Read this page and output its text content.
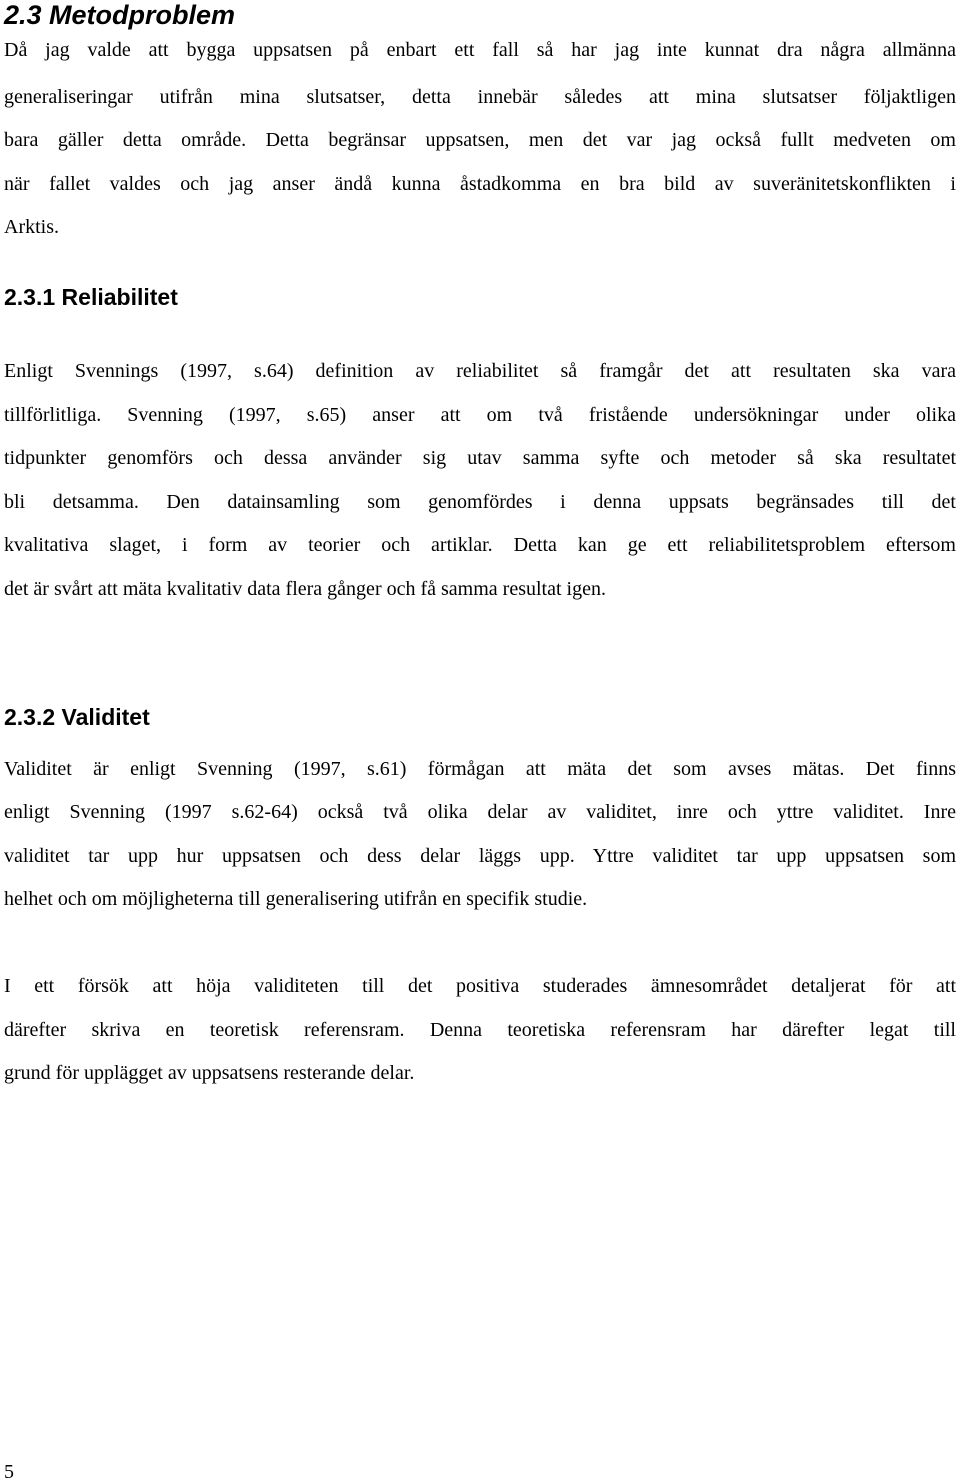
2.3 Metodproblem

Då jag valde att bygga uppsatsen på enbart ett fall så har jag inte kunnat dra några allmänna

generaliseringar utifrån mina slutsatser, detta innebär således att mina slutsatser följaktligen

bara gäller detta område. Detta begränsar uppsatsen, men det var jag också fullt medveten om

när fallet valdes och jag anser ändå kunna åstadkomma en bra bild av suveränitetskonflikten i

Arktis.

2.3.1 Reliabilitet

Enligt Svennings (1997, s.64) definition av reliabilitet så framgår det att resultaten ska vara

tillförlitliga. Svenning (1997, s.65) anser att om två fristående undersökningar under olika

tidpunkter genomförs och dessa använder sig utav samma syfte och metoder så ska resultatet

bli detsamma. Den datainsamling som genomfördes i denna uppsats begränsades till det

kvalitativa slaget, i form av teorier och artiklar. Detta kan ge ett reliabilitetsproblem eftersom

det är svårt att mäta kvalitativ data flera gånger och få samma resultat igen.

2.3.2 Validitet

Validitet är enligt Svenning (1997, s.61) förmågan att mäta det som avses mätas. Det finns

enligt Svenning (1997 s.62-64) också två olika delar av validitet, inre och yttre validitet. Inre

validitet tar upp hur uppsatsen och dess delar läggs upp. Yttre validitet tar upp uppsatsen som

helhet och om möjligheterna till generalisering utifrån en specifik studie.

I ett försök att höja validiteten till det positiva studerades ämnesområdet detaljerat för att

därefter skriva en teoretisk referensram. Denna teoretiska referensram har därefter legat till

grund för upplägget av uppsatsens resterande delar.

5
